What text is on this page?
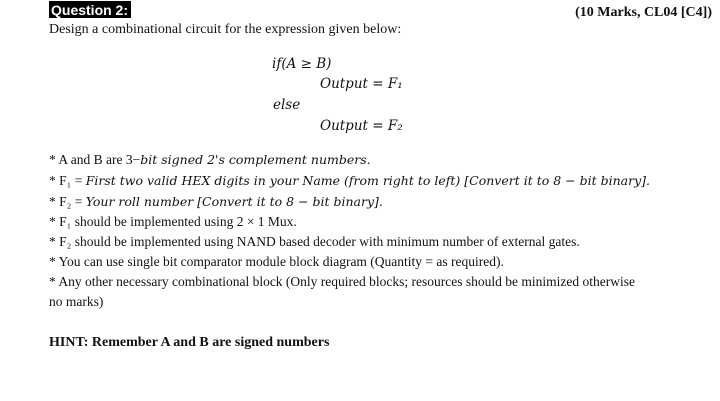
Question 2:	(10 Marks, CL04 [C4])
Design a combinational circuit for the expression given below:
if(A ≥ B)
Output = F₁
else
Output = F₂
* A and B are 3−bit signed 2's complement numbers.
* F₁ = First two valid HEX digits in your Name (from right to left) [Convert it to 8 − bit binary].
* F₂ = Your roll number [Convert it to 8 − bit binary].
* F₁ should be implemented using 2 × 1 Mux.
* F₂ should be implemented using NAND based decoder with minimum number of external gates.
* You can use single bit comparator module block diagram (Quantity = as required).
* Any other necessary combinational block (Only required blocks; resources should be minimized otherwise
no marks)
HINT: Remember A and B are signed numbers
